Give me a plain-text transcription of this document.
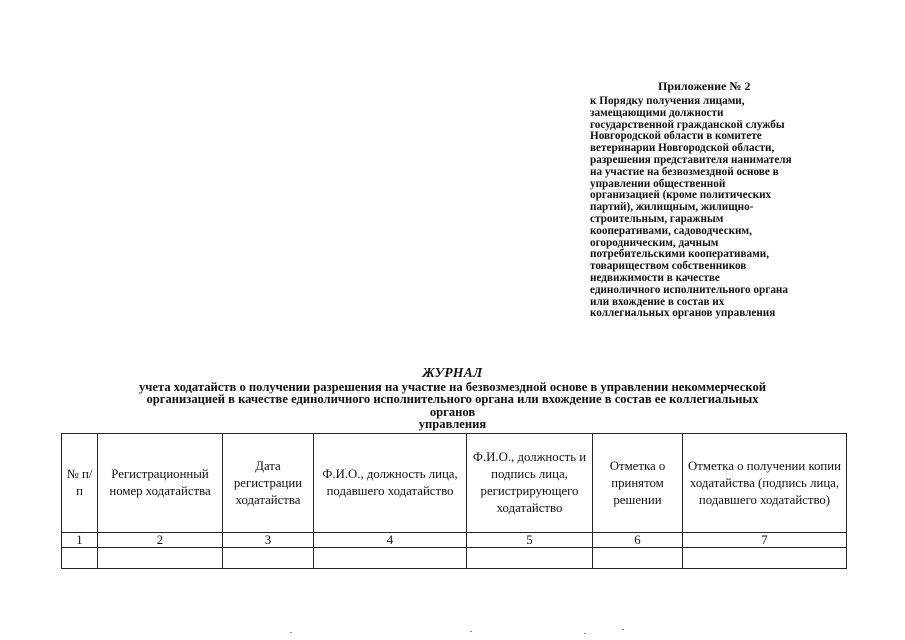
Приложение № 2
к Порядку получения лицами,
замещающими должности
государственной гражданской службы
Новгородской области в комитете
ветеринарии Новгородской области,
разрешения представителя нанимателя
на участие на безвозмездной основе в
управлении общественной
организацией (кроме политических
партий), жилищным, жилищно-
строительным, гаражным
кооперативами, садоводческим,
огородническим, дачным
потребительскими кооперативами,
товариществом собственников
недвижимости в качестве
единоличного исполнительного органа
или вхождение в состав их
коллегиальных органов управления
ЖУРНАЛ
учета ходатайств о получении разрешения на участие на безвозмездной основе в управлении некоммерческой
организацией в качестве единоличного исполнительного органа или вхождение в состав ее коллегиальных
органов
управления
№ п/п	Регистрационный номер ходатайства	Дата регистрации ходатайства	Ф.И.О., должность лица, подавшего ходатайство	Ф.И.О., должность и подпись лица, регистрирующего ходатайство	Отметка о принятом решении	Отметка о получении копии ходатайства (подпись лица, подавшего ходатайство)
1	2	3	4	5	6	7
